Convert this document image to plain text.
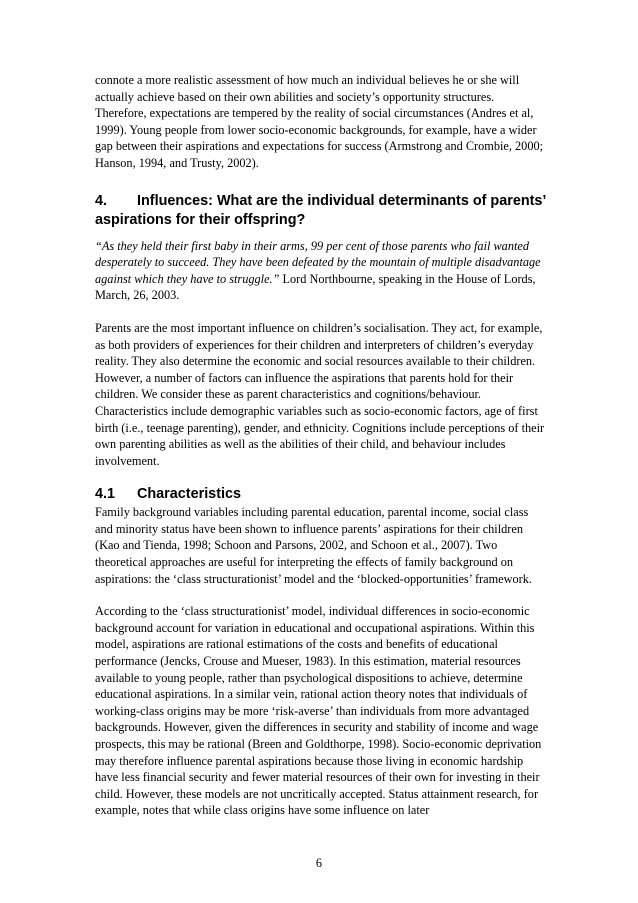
connote a more realistic assessment of how much an individual believes he or she will actually achieve based on their own abilities and society’s opportunity structures. Therefore, expectations are tempered by the reality of social circumstances (Andres et al, 1999). Young people from lower socio-economic backgrounds, for example, have a wider gap between their aspirations and expectations for success (Armstrong and Crombie, 2000; Hanson, 1994, and Trusty, 2002).

4. Influences: What are the individual determinants of parents’ aspirations for their offspring?

“As they held their first baby in their arms, 99 per cent of those parents who fail wanted desperately to succeed. They have been defeated by the mountain of multiple disadvantage against which they have to struggle.” Lord Northbourne, speaking in the House of Lords, March, 26, 2003.

Parents are the most important influence on children’s socialisation. They act, for example, as both providers of experiences for their children and interpreters of children’s everyday reality. They also determine the economic and social resources available to their children. However, a number of factors can influence the aspirations that parents hold for their children. We consider these as parent characteristics and cognitions/behaviour. Characteristics include demographic variables such as socio-economic factors, age of first birth (i.e., teenage parenting), gender, and ethnicity. Cognitions include perceptions of their own parenting abilities as well as the abilities of their child, and behaviour includes involvement.

4.1 Characteristics

Family background variables including parental education, parental income, social class and minority status have been shown to influence parents’ aspirations for their children (Kao and Tienda, 1998; Schoon and Parsons, 2002, and Schoon et al., 2007). Two theoretical approaches are useful for interpreting the effects of family background on aspirations: the ‘class structurationist’ model and the ‘blocked-opportunities’ framework.

According to the ‘class structurationist’ model, individual differences in socio-economic background account for variation in educational and occupational aspirations. Within this model, aspirations are rational estimations of the costs and benefits of educational performance (Jencks, Crouse and Mueser, 1983). In this estimation, material resources available to young people, rather than psychological dispositions to achieve, determine educational aspirations. In a similar vein, rational action theory notes that individuals of working-class origins may be more ‘risk-averse’ than individuals from more advantaged backgrounds. However, given the differences in security and stability of income and wage prospects, this may be rational (Breen and Goldthorpe, 1998). Socio-economic deprivation may therefore influence parental aspirations because those living in economic hardship have less financial security and fewer material resources of their own for investing in their child. However, these models are not uncritically accepted. Status attainment research, for example, notes that while class origins have some influence on later

6
